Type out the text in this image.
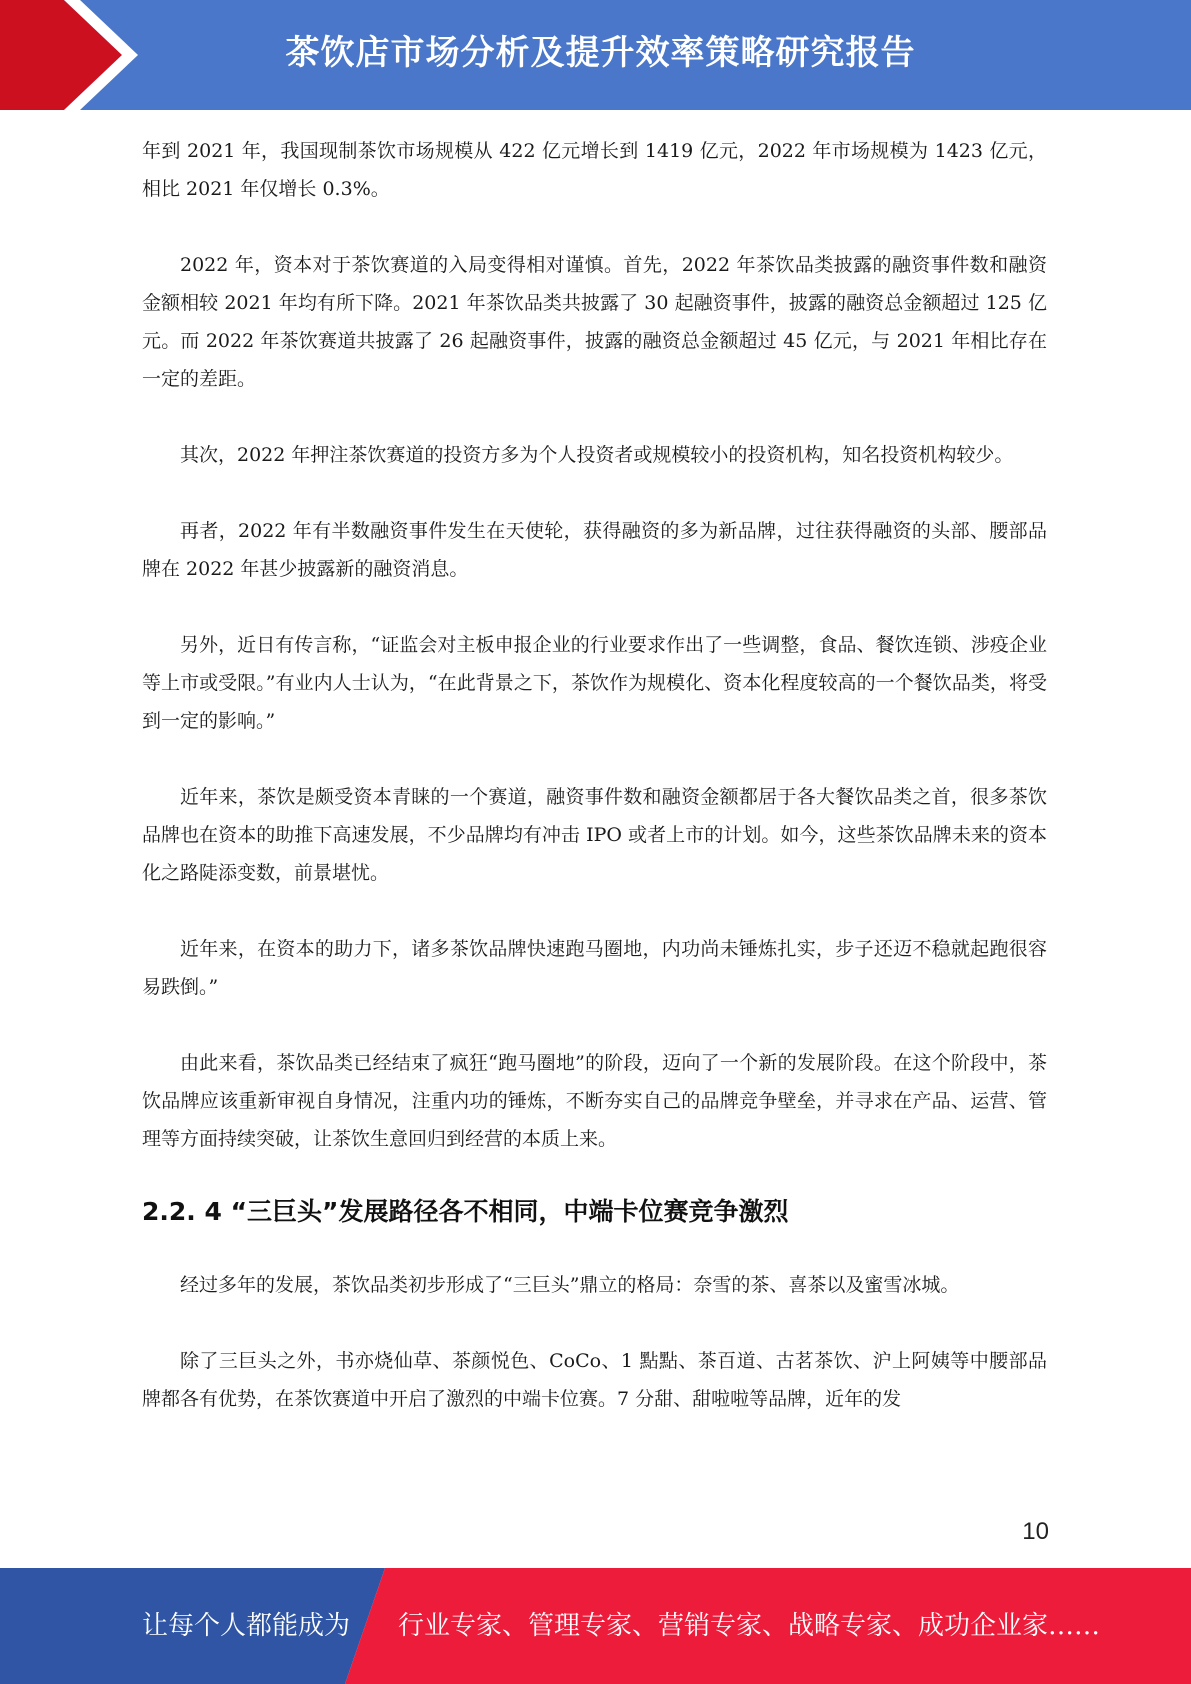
茶饮店市场分析及提升效率策略研究报告

年到 2021 年，我国现制茶饮市场规模从 422 亿元增长到 1419 亿元，2022 年市场规模为 1423 亿元，相比 2021 年仅增长 0.3%。

2022 年，资本对于茶饮赛道的入局变得相对谨慎。首先，2022 年茶饮品类披露的融资事件数和融资金额相较 2021 年均有所下降。2021 年茶饮品类共披露了 30 起融资事件，披露的融资总金额超过 125 亿元。而 2022 年茶饮赛道共披露了 26 起融资事件，披露的融资总金额超过 45 亿元，与 2021 年相比存在一定的差距。

其次，2022 年押注茶饮赛道的投资方多为个人投资者或规模较小的投资机构，知名投资机构较少。

再者，2022 年有半数融资事件发生在天使轮，获得融资的多为新品牌，过往获得融资的头部、腰部品牌在 2022 年甚少披露新的融资消息。

另外，近日有传言称，“证监会对主板申报企业的行业要求作出了一些调整，食品、餐饮连锁、涉疫企业等上市或受限。”有业内人士认为，“在此背景之下，茶饮作为规模化、资本化程度较高的一个餐饮品类，将受到一定的影响。”

近年来，茶饮是颇受资本青睐的一个赛道，融资事件数和融资金额都居于各大餐饮品类之首，很多茶饮品牌也在资本的助推下高速发展，不少品牌均有冲击 IPO 或者上市的计划。如今，这些茶饮品牌未来的资本化之路陡添变数，前景堪忧。

近年来，在资本的助力下，诸多茶饮品牌快速跑马圈地，内功尚未锤炼扎实，步子还迈不稳就起跑很容易跌倒。”

由此来看，茶饮品类已经结束了疯狂“跑马圈地”的阶段，迈向了一个新的发展阶段。在这个阶段中，茶饮品牌应该重新审视自身情况，注重内功的锤炼，不断夯实自己的品牌竞争壁垒，并寻求在产品、运营、管理等方面持续突破，让茶饮生意回归到经营的本质上来。

2.2. 4 “三巨头”发展路径各不相同，中端卡位赛竞争激烈

经过多年的发展，茶饮品类初步形成了“三巨头”鼎立的格局：奈雪的茶、喜茶以及蜜雪冰城。

除了三巨头之外，书亦烧仙草、茶颜悦色、CoCo、1 點點、茶百道、古茗茶饮、沪上阿姨等中腰部品牌都各有优势，在茶饮赛道中开启了激烈的中端卡位赛。7 分甜、甜啦啦等品牌，近年的发

10
让每个人都能成为 行业专家、管理专家、营销专家、战略专家、成功企业家……
